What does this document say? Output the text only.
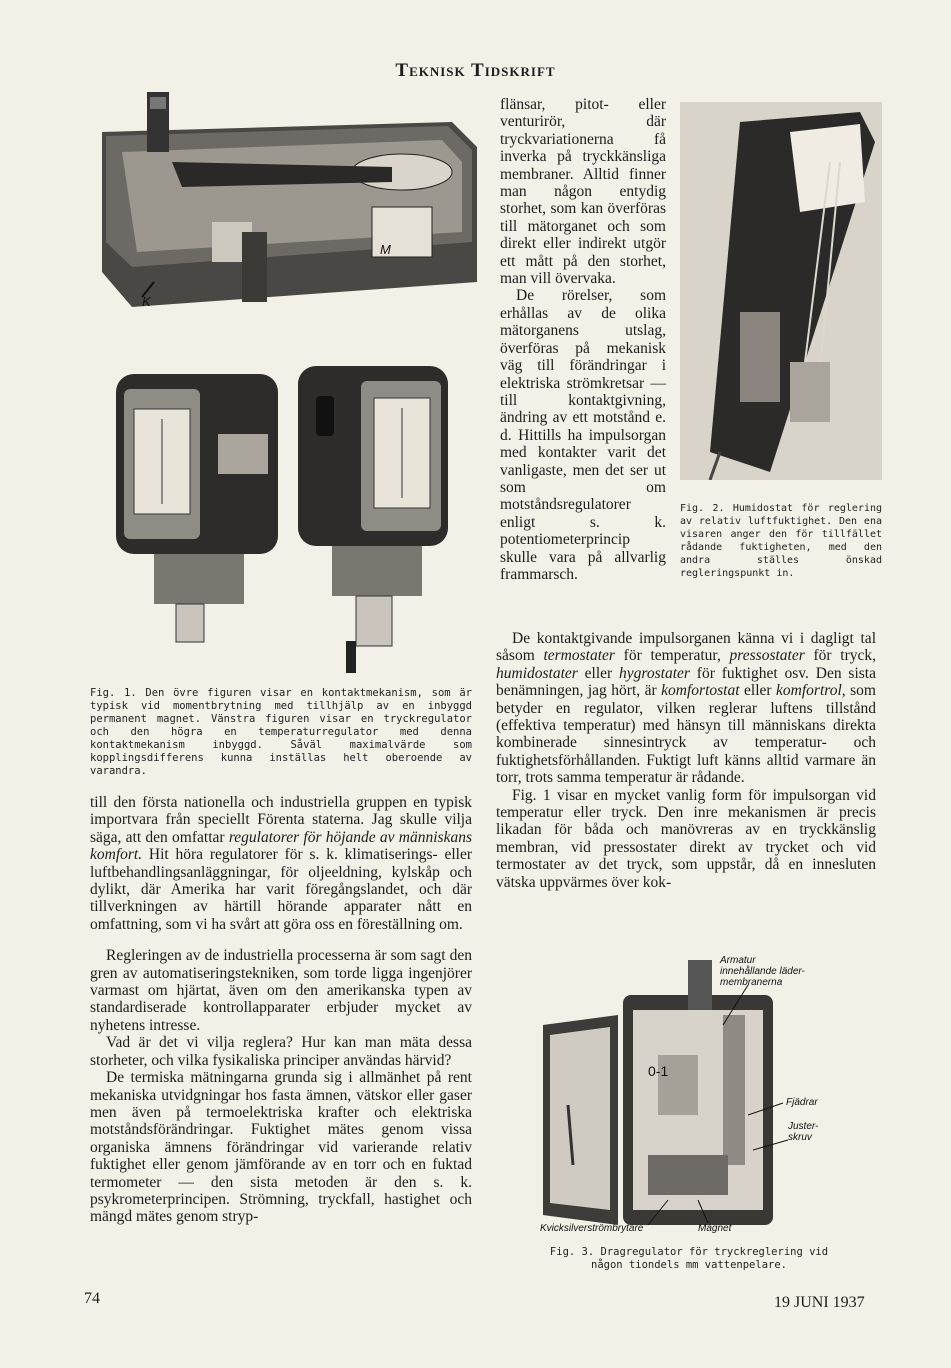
Teknisk Tidskrift
K
M
Fig. 1. Den övre figuren visar en kontaktmekanism, som är typisk vid momentbrytning med tillhjälp av en inbyggd permanent magnet. Vänstra figuren visar en tryckregulator och den högra en temperaturregulator med denna kontaktmekanism inbyggd. Såväl maximalvärde som kopplingsdifferens kunna inställas helt oberoende av varandra.
Fig. 2. Humidostat för reglering av relativ luftfuktighet. Den ena visaren anger den för tillfället rådande fuktigheten, med den andra ställes önskad regleringspunkt in.

flänsar, pitot- eller venturirör, där tryckvariationerna få inverka på tryckkänsliga membraner. Alltid finner man någon entydig storhet, som kan överföras till mätorganet och som direkt eller indirekt utgör ett mått på den storhet, man vill övervaka.

De rörelser, som erhållas av de olika mätorganens utslag, överföras på mekanisk väg till förändringar i elektriska strömkretsar — till kontaktgivning, ändring av ett motstånd e. d. Hittills ha impulsorgan med kontakter varit det vanligaste, men det ser ut som om motståndsregulatorer enligt s. k. potentiometerprincip skulle vara på allvarlig frammarsch.

De kontaktgivande impulsorganen känna vi i dagligt tal såsom termostater för temperatur, pressostater för tryck, humidostater eller hygrostater för fuktighet osv. Den sista benämningen, jag hört, är komfortostat eller komfortrol, som betyder en regulator, vilken reglerar luftens tillstånd (effektiva temperatur) med hänsyn till människans direkta kombinerade sinnesintryck av temperatur- och fuktighetsförhållanden. Fuktigt luft känns alltid varmare än torr, trots samma temperatur är rådande.

Fig. 1 visar en mycket vanlig form för impulsorgan vid temperatur eller tryck. Den inre mekanismen är precis likadan för båda och manövreras av en tryckkänslig membran, vid pressostater direkt av trycket och vid termostater av det tryck, som uppstår, då en innesluten vätska uppvärmes över kok-

till den första nationella och industriella gruppen en typisk importvara från speciellt Förenta staterna. Jag skulle vilja säga, att den omfattar regulatorer för höjande av människans komfort. Hit höra regulatorer för s. k. klimatiserings- eller luftbehandlingsanläggningar, för oljeeldning, kylskåp och dylikt, där Amerika har varit föregångslandet, och där tillverkningen av härtill hörande apparater nått en omfattning, som vi ha svårt att göra oss en föreställning om.

Regleringen av de industriella processerna är som sagt den gren av automatiseringstekniken, som torde ligga ingenjörer varmast om hjärtat, även om den amerikanska typen av standardiserade kontrollapparater erbjuder mycket av nyhetens intresse.

Vad är det vi vilja reglera? Hur kan man mäta dessa storheter, och vilka fysikaliska principer användas härvid?

De termiska mätningarna grunda sig i allmänhet på rent mekaniska utvidgningar hos fasta ämnen, vätskor eller gaser men även på termoelektriska krafter och elektriska motståndsförändringar. Fuktighet mätes genom vissa organiska ämnens förändringar vid varierande relativ fuktighet eller genom jämförande av en torr och en fuktad termometer — den sista metoden är den s. k. psykrometerprincipen. Strömning, tryckfall, hastighet och mängd mätes genom stryp-

Armatur innehållande läder-membranerna
Fjädrar
Juster-skruv
Kvicksilverströmbrytare	Magnet
0-1
Fig. 3. Dragregulator för tryckreglering vid någon tiondels mm vattenpelare.
74	19 JUNI 1937
